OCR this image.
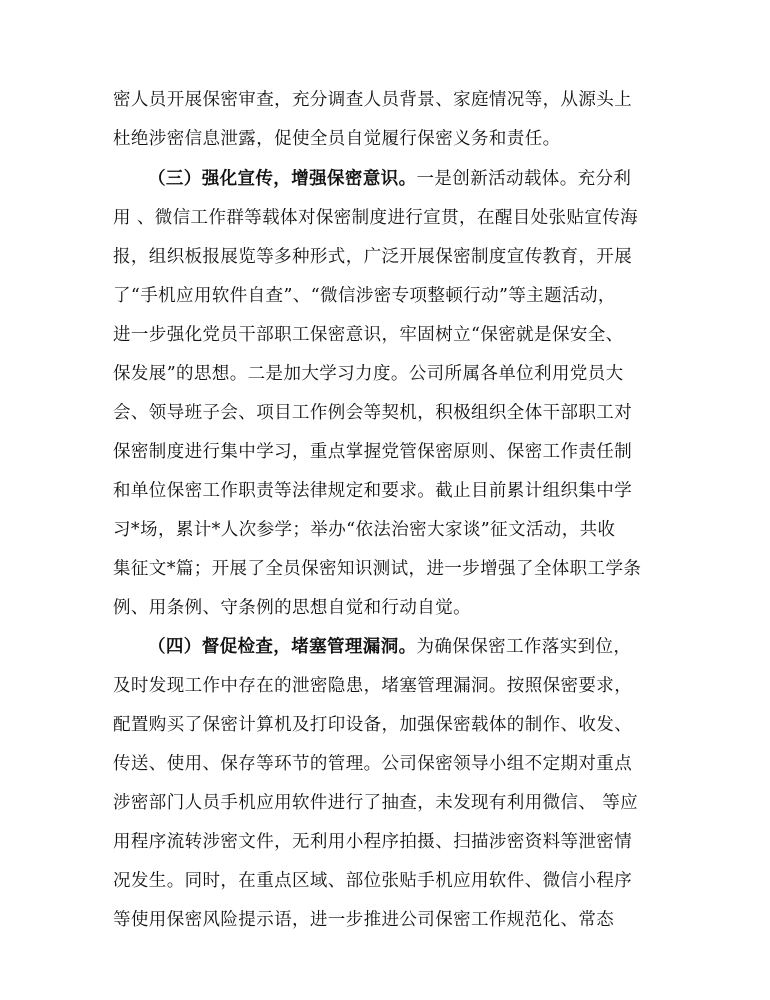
密人员开展保密审查，充分调查人员背景、家庭情况等，从源头上
杜绝涉密信息泄露，促使全员自觉履行保密义务和责任。
（三）强化宣传，增强保密意识。一是创新活动载体。充分利
用 、微信工作群等载体对保密制度进行宣贯，在醒目处张贴宣传海
报，组织板报展览等多种形式，广泛开展保密制度宣传教育，开展
了“手机应用软件自查”、“微信涉密专项整顿行动”等主题活动，
进一步强化党员干部职工保密意识，牢固树立“保密就是保安全、
保发展”的思想。二是加大学习力度。公司所属各单位利用党员大
会、领导班子会、项目工作例会等契机，积极组织全体干部职工对
保密制度进行集中学习，重点掌握党管保密原则、保密工作责任制
和单位保密工作职责等法律规定和要求。截止目前累计组织集中学
习*场，累计*人次参学；举办“依法治密大家谈”征文活动，共收
集征文*篇；开展了全员保密知识测试，进一步增强了全体职工学条
例、用条例、守条例的思想自觉和行动自觉。
（四）督促检查，堵塞管理漏洞。为确保保密工作落实到位，
及时发现工作中存在的泄密隐患，堵塞管理漏洞。按照保密要求，
配置购买了保密计算机及打印设备，加强保密载体的制作、收发、
传送、使用、保存等环节的管理。公司保密领导小组不定期对重点
涉密部门人员手机应用软件进行了抽查，未发现有利用微信、 等应
用程序流转涉密文件，无利用小程序拍摄、扫描涉密资料等泄密情
况发生。同时，在重点区域、部位张贴手机应用软件、微信小程序
等使用保密风险提示语，进一步推进公司保密工作规范化、常态
